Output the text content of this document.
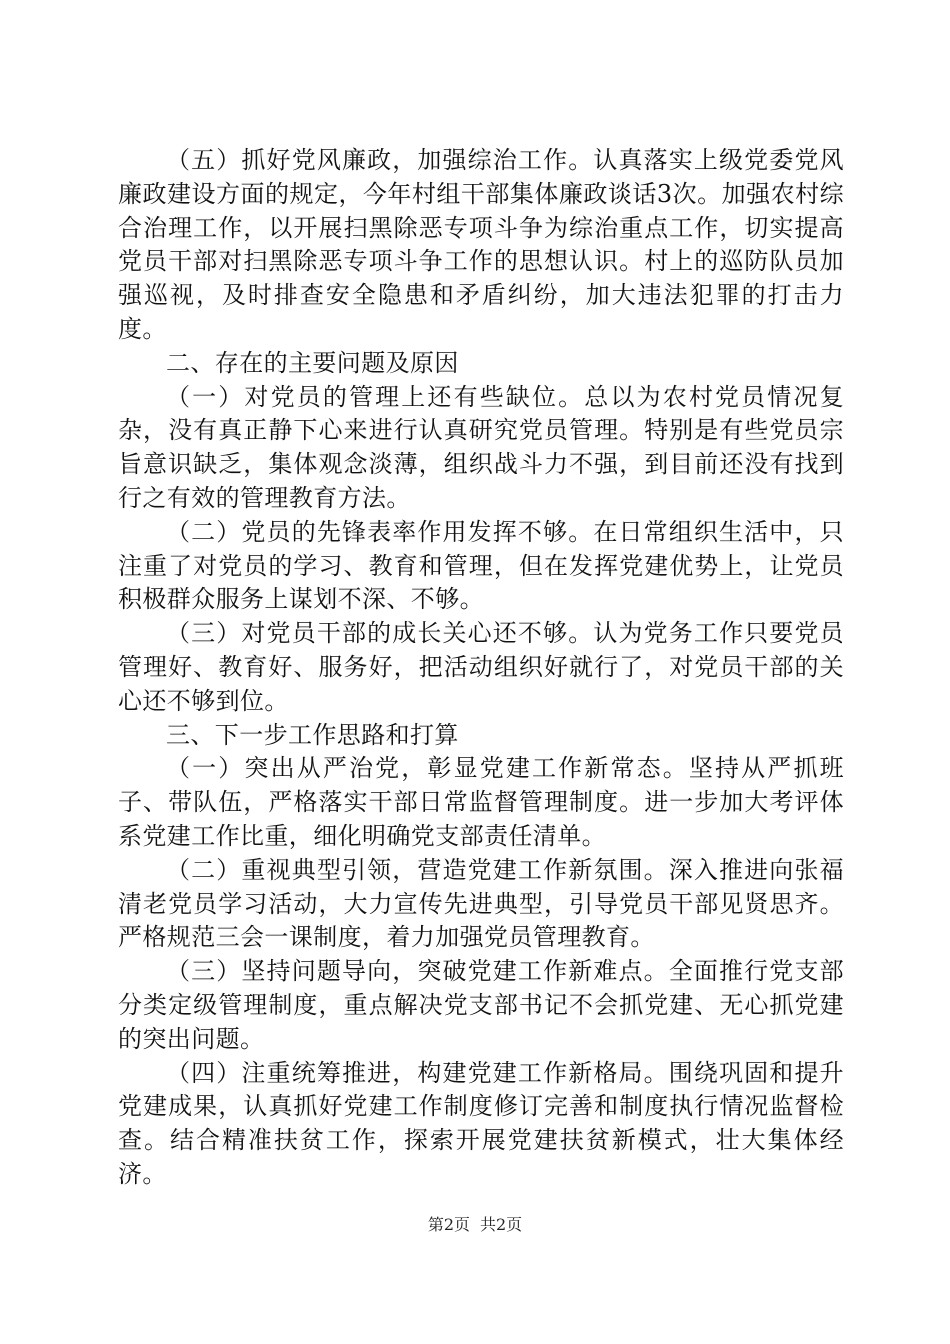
（五）抓好党风廉政，加强综治工作。认真落实上级党委党风廉政建设方面的规定，今年村组干部集体廉政谈话3次。加强农村综合治理工作，以开展扫黑除恶专项斗争为综治重点工作，切实提高党员干部对扫黑除恶专项斗争工作的思想认识。村上的巡防队员加强巡视，及时排查安全隐患和矛盾纠纷，加大违法犯罪的打击力度。

二、存在的主要问题及原因

（一）对党员的管理上还有些缺位。总以为农村党员情况复杂，没有真正静下心来进行认真研究党员管理。特别是有些党员宗旨意识缺乏，集体观念淡薄，组织战斗力不强，到目前还没有找到行之有效的管理教育方法。

（二）党员的先锋表率作用发挥不够。在日常组织生活中，只注重了对党员的学习、教育和管理，但在发挥党建优势上，让党员积极群众服务上谋划不深、不够。

（三）对党员干部的成长关心还不够。认为党务工作只要党员管理好、教育好、服务好，把活动组织好就行了，对党员干部的关心还不够到位。

三、下一步工作思路和打算

（一）突出从严治党，彰显党建工作新常态。坚持从严抓班子、带队伍，严格落实干部日常监督管理制度。进一步加大考评体系党建工作比重，细化明确党支部责任清单。

（二）重视典型引领，营造党建工作新氛围。深入推进向张福清老党员学习活动，大力宣传先进典型，引导党员干部见贤思齐。严格规范三会一课制度，着力加强党员管理教育。

（三）坚持问题导向，突破党建工作新难点。全面推行党支部分类定级管理制度，重点解决党支部书记不会抓党建、无心抓党建的突出问题。

（四）注重统筹推进，构建党建工作新格局。围绕巩固和提升党建成果，认真抓好党建工作制度修订完善和制度执行情况监督检查。结合精准扶贫工作，探索开展党建扶贫新模式，壮大集体经济。

第2页 共2页
